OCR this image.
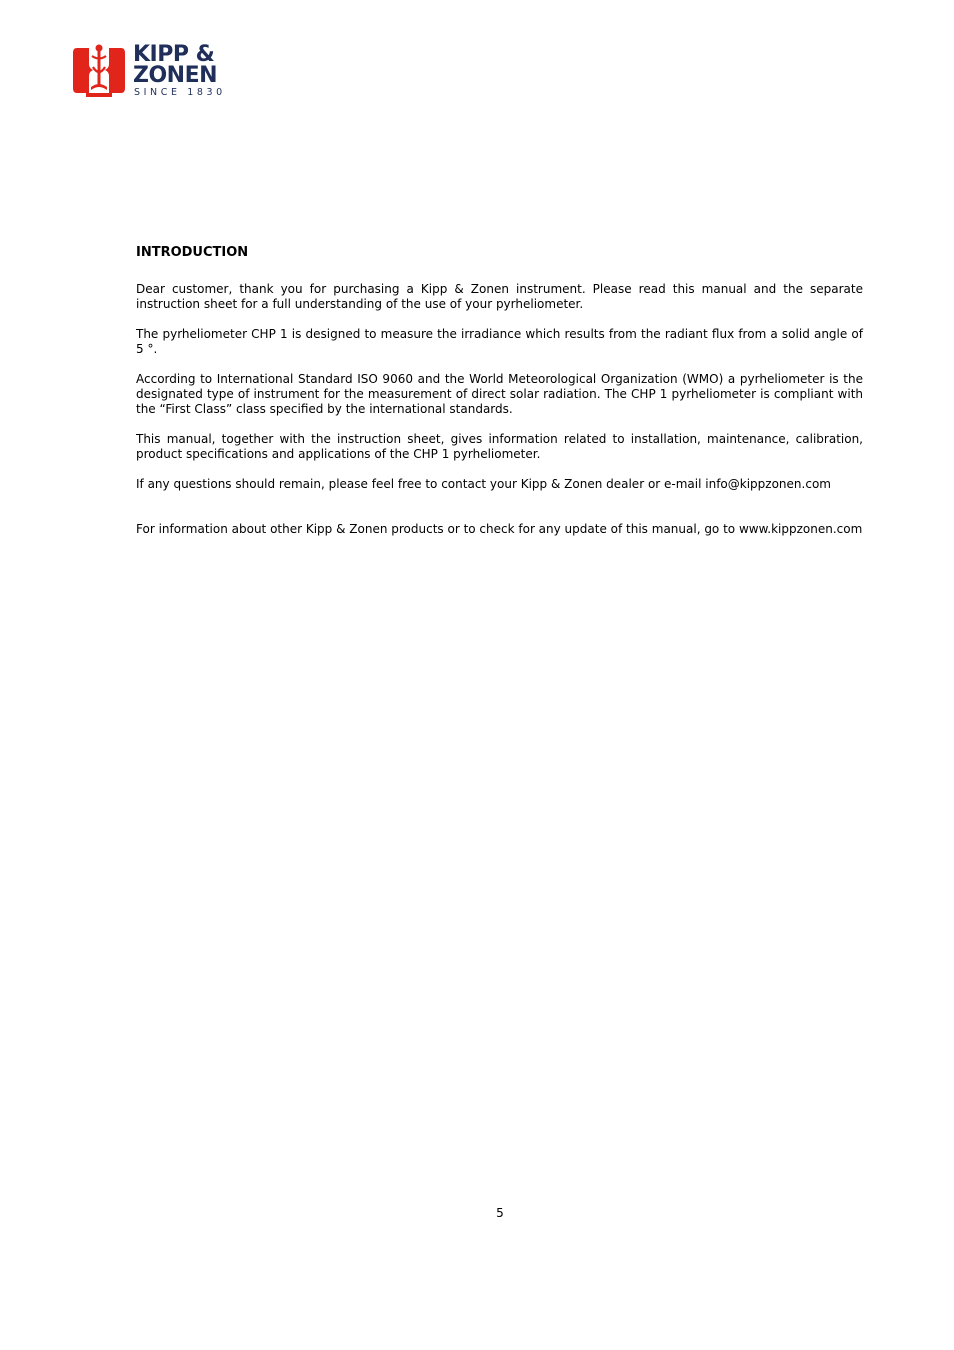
KIPP &
ZONEN
SINCE 1830
INTRODUCTION

Dear customer, thank you for purchasing a Kipp & Zonen instrument. Please read this manual and the separate instruction sheet for a full understanding of the use of your pyrheliometer.

The pyrheliometer CHP 1 is designed to measure the irradiance which results from the radiant flux from a solid angle of 5 °.

According to International Standard ISO 9060 and the World Meteorological Organization (WMO) a pyrheliometer is the designated type of instrument for the measurement of direct solar radiation. The CHP 1 pyrheliometer is compliant with the “First Class” class specified by the international standards.

This manual, together with the instruction sheet, gives information related to installation, maintenance, calibration, product specifications and applications of the CHP 1 pyrheliometer.

If any questions should remain, please feel free to contact your Kipp & Zonen dealer or e-mail info@kippzonen.com

For information about other Kipp & Zonen products or to check for any update of this manual, go to www.kippzonen.com

5
